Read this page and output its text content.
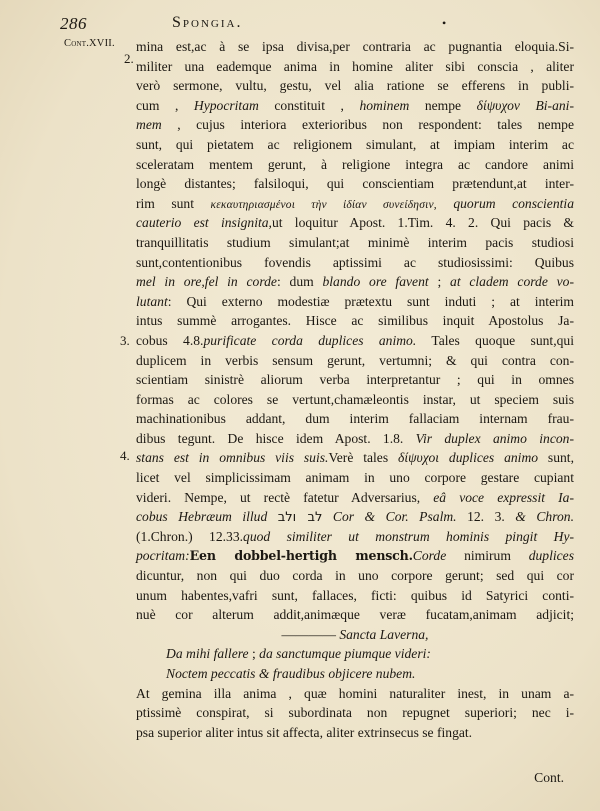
286	Spongia.	•
Cont.XVII.
2.
3.
4.
mina est,ac à se ipsa divisa,per contraria ac pugnantia eloquia.Si-
militer una eademque anima in homine aliter sibi conscia , aliter
verò sermone, vultu, gestu, vel alia ratione se efferens in publi-
cum , Hypocritam constituit , hominem nempe δίψυχον Bi-ani-
mem , cujus interiora exterioribus non respondent: tales nempe
sunt, qui pietatem ac religionem simulant, at impiam interim ac
sceleratam mentem gerunt, à religione integra ac candore animi
longè distantes; falsiloqui, qui conscientiam prætendunt,at inter-
rim sunt κεκαυτηριασμένοι τὴν ἰδίαν συνείδησιν, quorum conscientia
cauterio est insignita,ut loquitur Apost. 1.Tim. 4. 2. Qui pacis &
tranquillitatis studium simulant;at minimè interim pacis studiosi
sunt,contentionibus fovendis aptissimi ac studiosissimi: Quibus
mel in ore,fel in corde: dum blando ore favent ; at cladem corde vo-
lutant: Qui externo modestiæ prætextu sunt induti ; at interim
intus summè arrogantes. Hisce ac similibus inquit Apostolus Ja-
cobus 4.8.purificate corda duplices animo. Tales quoque sunt,qui
duplicem in verbis sensum gerunt, vertumni; & qui contra con-
scientiam sinistrè aliorum verba interpretantur ; qui in omnes
formas ac colores se vertunt,chamæleontis instar, ut speciem suis
machinationibus addant, dum interim fallaciam internam frau-
dibus tegunt. De hisce idem Apost. 1.8. Vir duplex animo incon-
stans est in omnibus viis suis.Verè tales δίψυχοι duplices animo sunt,
licet vel simplicissimam animam in uno corpore gestare cupiant
videri. Nempe, ut rectè fatetur Adversarius, eâ voce expressit Ia-
cobus Hebræum illud לב ולב Cor & Cor. Psalm. 12. 3. & Chron.
(1.Chron.) 12.33.quod similiter ut monstrum hominis pingit Hy-
pocritam:Een dobbel-hertigh mensch.Corde nimirum duplices
dicuntur, non qui duo corda in uno corpore gerunt; sed qui cor
unum habentes,vafri sunt, fallaces, ficti: quibus id Satyrici conti-
nuè cor alterum addit,animæque veræ fucatam,animam adjicit;
———— Sancta Laverna,
Da mihi fallere ; da sanctumque piumque videri:
Noctem peccatis & fraudibus objicere nubem.
At gemina illa anima , quæ homini naturaliter inest, in unam a-
ptissimè conspirat, si subordinata non repugnet superiori; nec i-
psa superior aliter intus sit affecta, aliter extrinsecus se fingat.
Cont.
